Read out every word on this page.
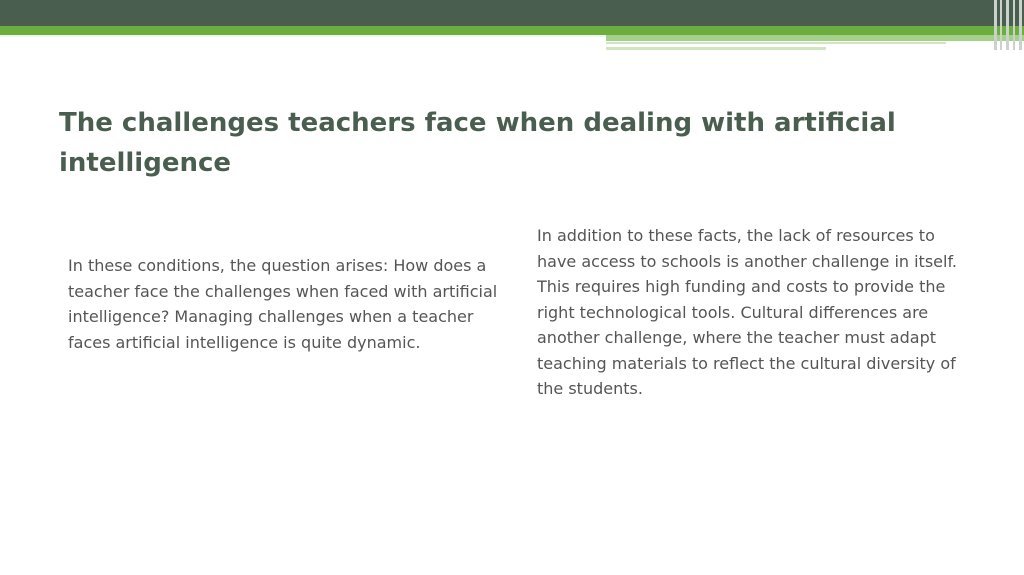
The challenges teachers face when dealing with artificial intelligence

In these conditions, the question arises: How does a teacher face the challenges when faced with artificial intelligence? Managing challenges when a teacher faces artificial intelligence is quite dynamic.

In addition to these facts, the lack of resources to have access to schools is another challenge in itself. This requires high funding and costs to provide the right technological tools. Cultural differences are another challenge, where the teacher must adapt teaching materials to reflect the cultural diversity of the students.
